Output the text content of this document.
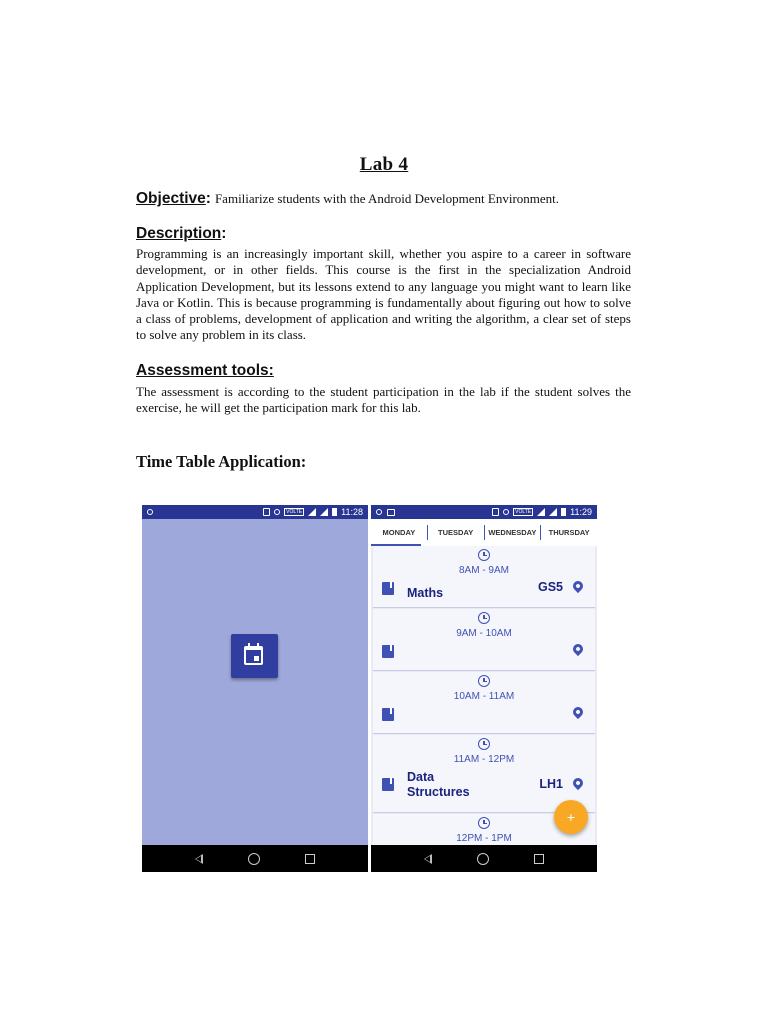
Lab 4
Objective: Familiarize students with the Android Development Environment.
Description:
Programming is an increasingly important skill, whether you aspire to a career in software development, or in other fields. This course is the first in the specialization Android Application Development, but its lessons extend to any language you might want to learn like Java or Kotlin. This is because programming is fundamentally about figuring out how to solve a class of problems, development of application and writing the algorithm, a clear set of steps to solve any problem in its class.
Assessment tools:
The assessment is according to the student participation in the lab if the student solves the exercise, he will get the participation mark for this lab.
Time Table Application:
VOLTE	11:28	VOLTE	11:29
MONDAY	TUESDAY	WEDNESDAY	THURSDAY
8AM - 9AM
Maths	GS5
9AM - 10AM
10AM - 11AM
11AM - 12PM
Data
Structures
LH1
12PM - 1PM
+
